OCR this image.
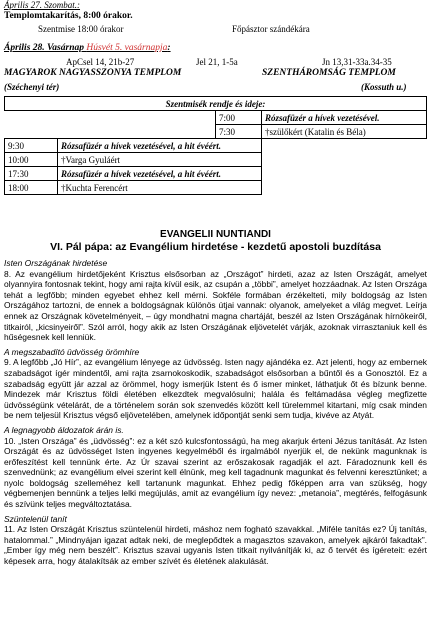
Április 27. Szombat.:
Templomtakarítás, 8:00 órakor.
Szentmise 18:00 órakor	Főpásztor szándékára
Április 28. Vasárnap Húsvét 5. vasárnapja:
ApCsel 14, 21b-27	Jel 21, 1-5a	Jn 13,31-33a.34-35
MAGYAROK NAGYASSZONYA TEMPLOM	SZENTHÁROMSÁG TEMPLOM
(Széchenyi tér)	(Kossuth u.)
Szentmisék rendje és ideje:			
		7:00	Rózsafüzér a hívek vezetésével.
		7:30	†szülőkért (Katalin és Béla)
9:30	Rózsafüzér a hívek vezetésével, a hit évéért.		
10:00	†Varga Gyuláért		
17:30	Rózsafüzér a hívek vezetésével, a hit évéért.		
18:00	†Kuchta Ferencért		
EVANGELII NUNTIANDI
VI. Pál pápa: az Evangélium hirdetése - kezdetű apostoli buzdítása

Isten Országának hirdetése

8. Az evangélium hirdetőjeként Krisztus elsősorban az „Országot” hirdeti, azaz az Isten Országát, amelyet olyannyira fontosnak tekint, hogy ami rajta kívül esik, az csupán a „többi”, amelyet hozzáadnak. Az Isten Országa tehát a legfőbb; minden egyebet ehhez kell mérni. Sokféle formában érzékelteti, mily boldogság az Isten Országához tartozni, de ennek a boldogságnak különös útjai vannak: olyanok, amelyeket a világ megvet. Leírja ennek az Országnak követelményeit, – úgy mondhatni magna chartáját, beszél az Isten Országának hírnökeiről, titkairól, „kicsinyeiről”. Szól arról, hogy akik az Isten Országának eljövetelét várják, azoknak virrasztaniuk kell és hűségesnek kell lenniük.

A megszabadító üdvösség örömhíre

9. A legfőbb „Jó Hír”, az evangélium lényege az üdvösség. Isten nagy ajándéka ez. Azt jelenti, hogy az embernek szabadságot ígér mindentől, ami rajta zsarnokoskodik, szabadságot elsősorban a bűntől és a Gonosztól. Ez a szabadság együtt jár azzal az örömmel, hogy ismerjük Istent és ő ismer minket, láthatjuk őt és bízunk benne. Mindezek már Krisztus földi életében elkezdtek megvalósulni; halála és feltámadása végleg megfizette üdvösségünk vételárát, de a történelem során sok szenvedés között kell türelemmel kitartani, míg csak minden be nem teljesül Krisztus végső eljövetelében, amelynek időpontját senki sem tudja, kivéve az Atyát.

A legnagyobb áldozatok árán is.

10. „Isten Országa” és „üdvösség”: ez a két szó kulcsfontosságú, ha meg akarjuk érteni Jézus tanítását. Az Isten Országát és az üdvösséget Isten ingyenes kegyelméből és irgalmából nyerjük el, de nekünk magunknak is erőfeszítést kell tennünk érte. Az Úr szavai szerint az erőszakosak ragadják el azt. Fáradoznunk kell és szenvednünk; az evangélium elvei szerint kell élnünk, meg kell tagadnunk magunkat és felvenni keresztünket; a nyolc boldogság szelleméhez kell tartanunk magunkat. Ehhez pedig főképpen arra van szükség, hogy végbemenjen bennünk a teljes lelki megújulás, amit az evangélium így nevez: „metanoia”, megtérés, felfogásunk és szívünk teljes megváltoztatása.

Szüntelenül tanít

11. Az Isten Országát Krisztus szüntelenül hirdeti, máshoz nem fogható szavakkal. „Miféle tanítás ez? Új tanítás, hatalommal.” „Mindnyájan igazat adtak neki, de meglepődtek a magasztos szavakon, amelyek ajkáról fakadtak”. „Ember így még nem beszélt”. Krisztus szavai ugyanis Isten titkait nyilvánítják ki, az ő tervét és ígéreteit: ezért képesek arra, hogy átalakítsák az ember szívét és életének alakulását.
